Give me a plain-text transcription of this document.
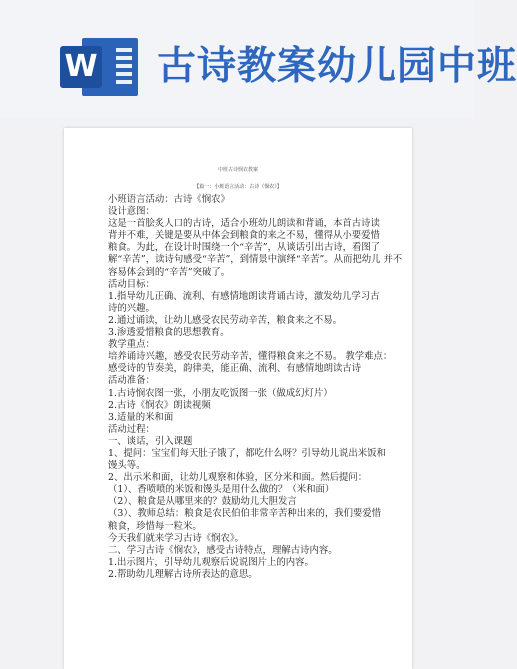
W 古诗教案幼儿园中班
中班古诗悯农教案
【篇一：小班语言活动：古诗《悯农》】

小班语言活动：古诗《悯农》

设计意图：

这是一首脍炙人口的古诗，适合小班幼儿朗读和背诵，本首古诗读

背并不难，关键是要从中体会到粮食的来之不易，懂得从小要爱惜

粮食。为此，在设计时围绕一个“辛苦”，从谈话引出古诗，看图了

解“辛苦”，读诗句感受“辛苦”，到情景中演绎“辛苦”。从而把幼儿 并不

容易体会到的“辛苦”突破了。

活动目标：

1.指导幼儿正确、流利、有感情地朗读背诵古诗，激发幼儿学习古

诗的兴趣。

2.通过诵读，让幼儿感受农民劳动辛苦，粮食来之不易。

3.渗透爱惜粮食的思想教育。

教学重点：

培养诵诗兴趣，感受农民劳动辛苦，懂得粮食来之不易。 教学难点：

感受诗的节奏美，韵律美，能正确、流利、有感情地朗读古诗

活动准备：

1.古诗悯农图一张，小朋友吃饭图一张（做成幻灯片）

2.古诗《悯农》朗读视频

3.适量的米和面

活动过程：

一、谈话，引入课题

1、提问：宝宝们每天肚子饿了，都吃什么呀？引导幼儿说出米饭和

馒头等。

2、出示米和面，让幼儿观察和体验，区分米和面。然后提问：

（1）、香喷喷的米饭和馒头是用什么做的？（米和面）

（2）、粮食是从哪里来的？鼓励幼儿大胆发言

（3）、教师总结：粮食是农民伯伯非常辛苦种出来的，我们要爱惜

粮食，珍惜每一粒米。

今天我们就来学习古诗《悯农》。

二、学习古诗《悯农》，感受古诗特点，理解古诗内容。

1.出示图片，引导幼儿观察后说说图片上的内容。

2.帮助幼儿理解古诗所表达的意思。
